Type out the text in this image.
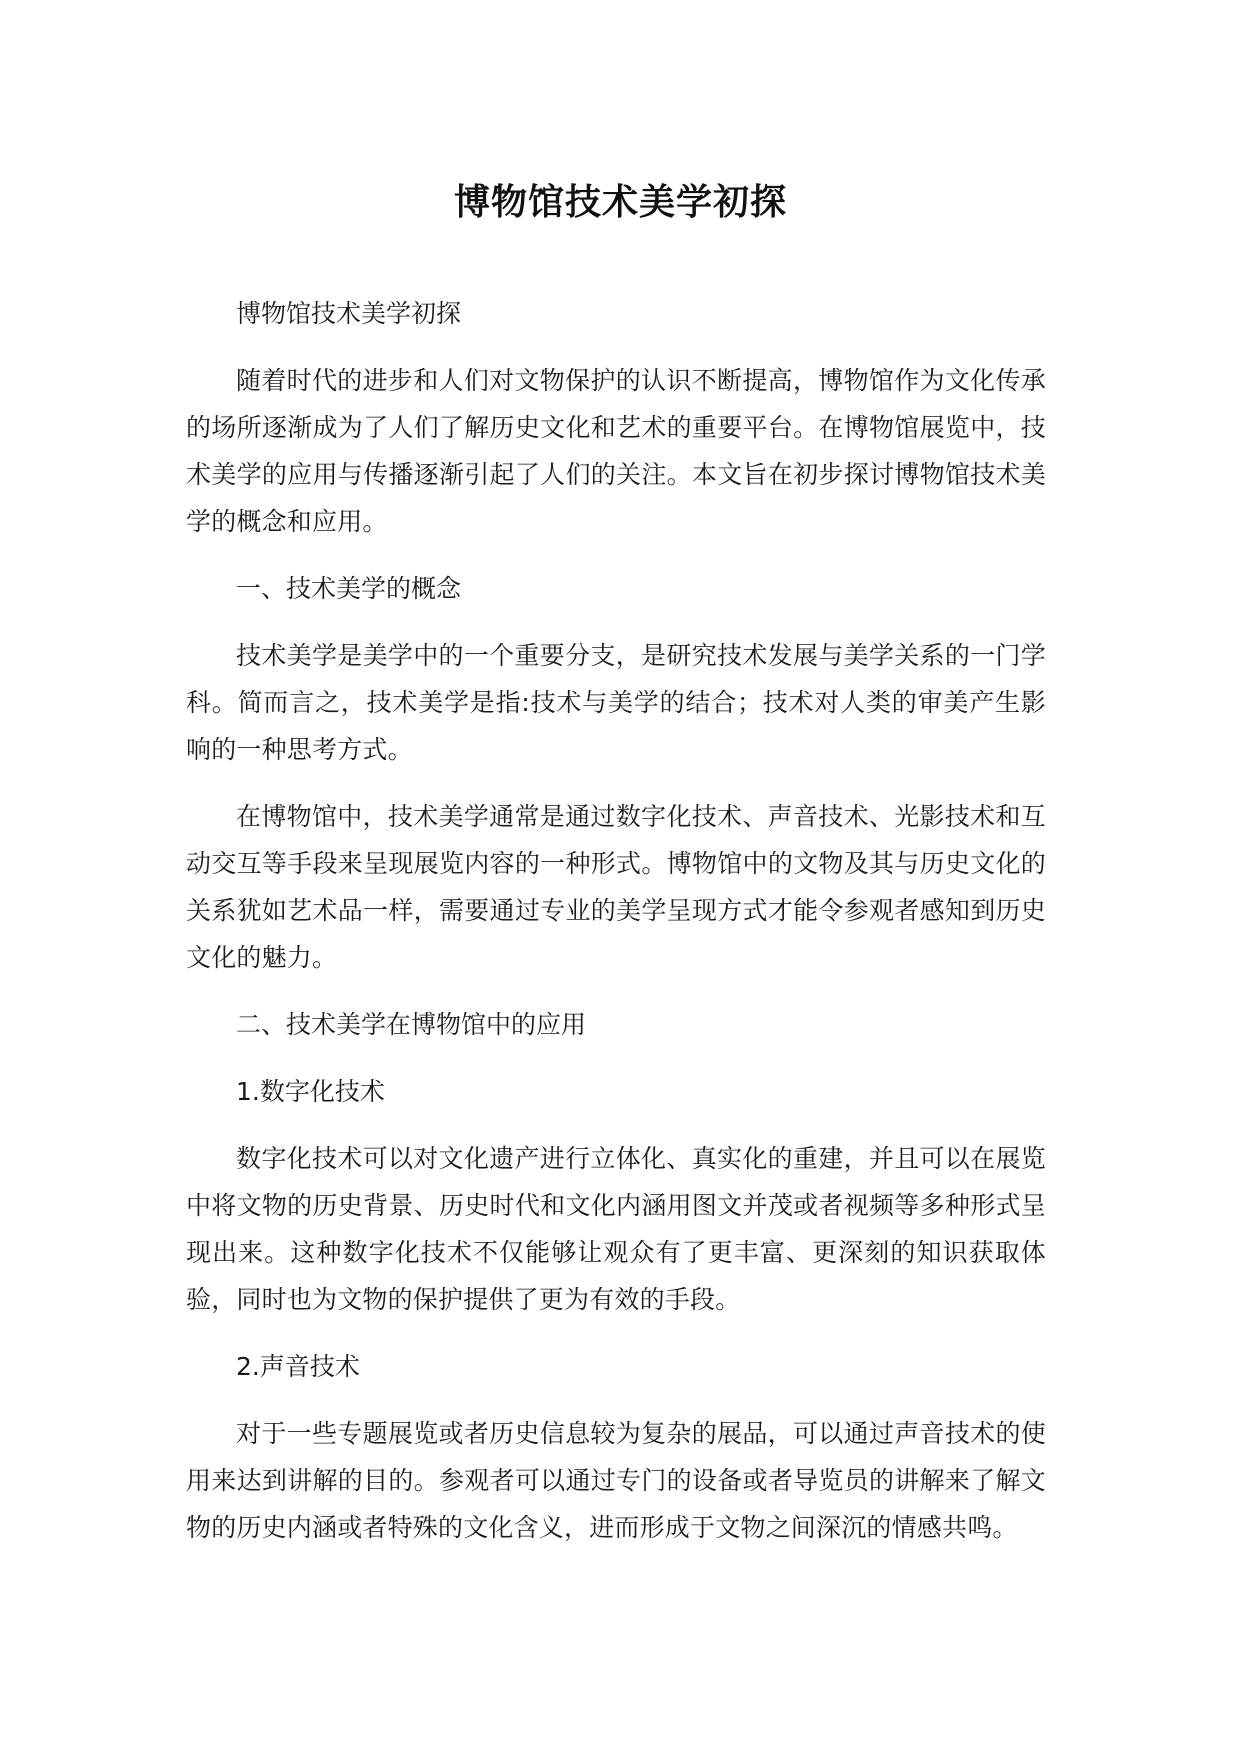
博物馆技术美学初探

博物馆技术美学初探

随着时代的进步和人们对文物保护的认识不断提高，博物馆作为文化传承的场所逐渐成为了人们了解历史文化和艺术的重要平台。在博物馆展览中，技术美学的应用与传播逐渐引起了人们的关注。本文旨在初步探讨博物馆技术美学的概念和应用。

一、技术美学的概念

技术美学是美学中的一个重要分支，是研究技术发展与美学关系的一门学科。简而言之，技术美学是指:技术与美学的结合；技术对人类的审美产生影响的一种思考方式。

在博物馆中，技术美学通常是通过数字化技术、声音技术、光影技术和互动交互等手段来呈现展览内容的一种形式。博物馆中的文物及其与历史文化的关系犹如艺术品一样，需要通过专业的美学呈现方式才能令参观者感知到历史文化的魅力。

二、技术美学在博物馆中的应用

1.数字化技术

数字化技术可以对文化遗产进行立体化、真实化的重建，并且可以在展览中将文物的历史背景、历史时代和文化内涵用图文并茂或者视频等多种形式呈现出来。这种数字化技术不仅能够让观众有了更丰富、更深刻的知识获取体验，同时也为文物的保护提供了更为有效的手段。

2.声音技术

对于一些专题展览或者历史信息较为复杂的展品，可以通过声音技术的使用来达到讲解的目的。参观者可以通过专门的设备或者导览员的讲解来了解文物的历史内涵或者特殊的文化含义，进而形成于文物之间深沉的情感共鸣。
